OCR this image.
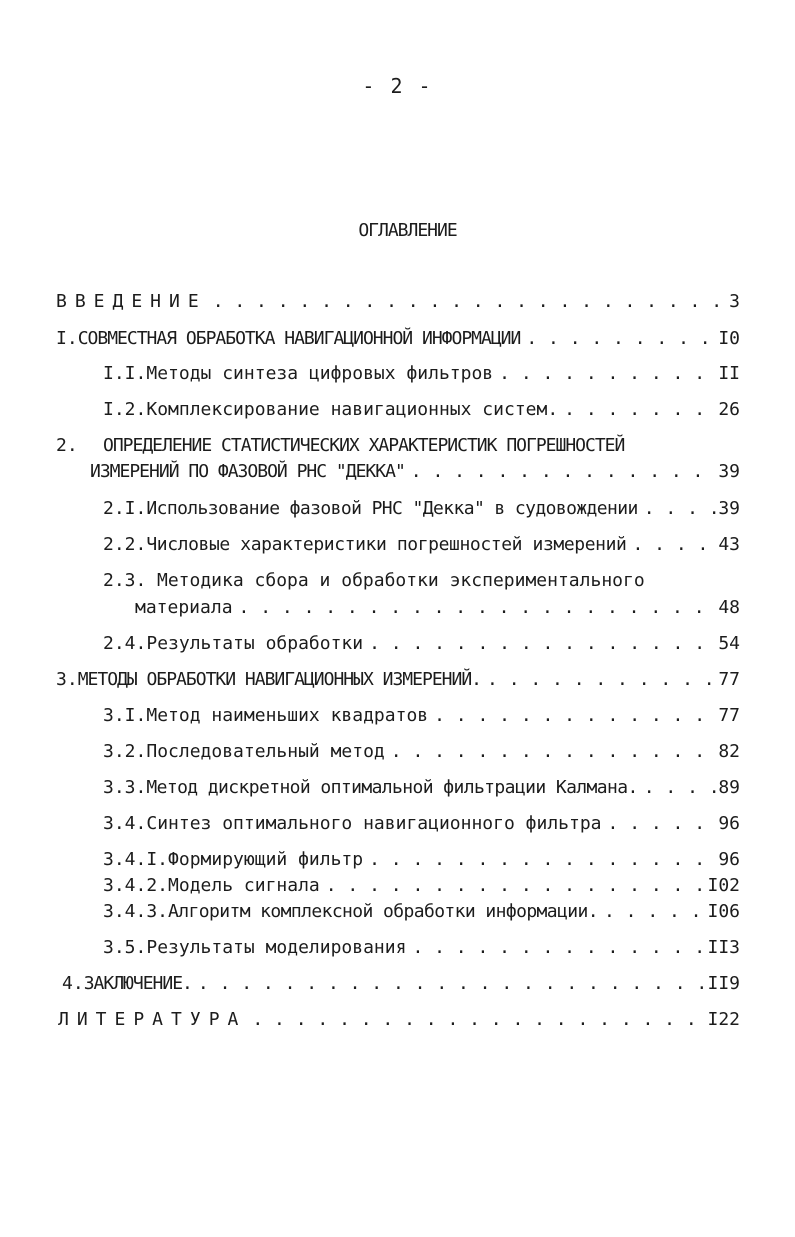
- 2 -
ОГЛАВЛЕНИЕ
ВВЕДЕНИЕ . . .	3
I. СОВМЕСТНАЯ ОБРАБОТКА НАВИГАЦИОННОЙ ИНФОРМАЦИИ . . .	I0
I.I. Методы синтеза цифровых фильтров . . .	II
I.2. Комплексирование навигационных систем. . . .	26
2. ОПРЕДЕЛЕНИЕ СТАТИСТИЧЕСКИХ ХАРАКТЕРИСТИК ПОГРЕШНОСТЕЙ
ИЗМЕРЕНИЙ ПО ФАЗОВОЙ РНС "ДЕККА" . . .	39
2.I. Использование фазовой РНС "Декка" в судовождении . . .	39
2.2. Числовые характеристики погрешностей измерений . . .	43
2.3. Методика сбора и обработки экспериментального
материала . . .	48
2.4. Результаты обработки . . .	54
3. МЕТОДЫ ОБРАБОТКИ НАВИГАЦИОННЫХ ИЗМЕРЕНИЙ. . . .	77
3.I. Метод наименьших квадратов . . .	77
3.2. Последовательный метод . . .	82
3.3. Метод дискретной оптимальной фильтрации Калмана. . . .	89
3.4. Синтез оптимального навигационного фильтра . . .	96
3.4.I. Формирующий фильтр . . .	96
3.4.2. Модель сигнала . . .	I02
3.4.3. Алгоритм комплексной обработки информации. . . .	I06
3.5. Результаты моделирования . . .	II3
4. ЗАКЛЮЧЕНИЕ. . . .	II9
ЛИТЕРАТУРА . . .	I22
